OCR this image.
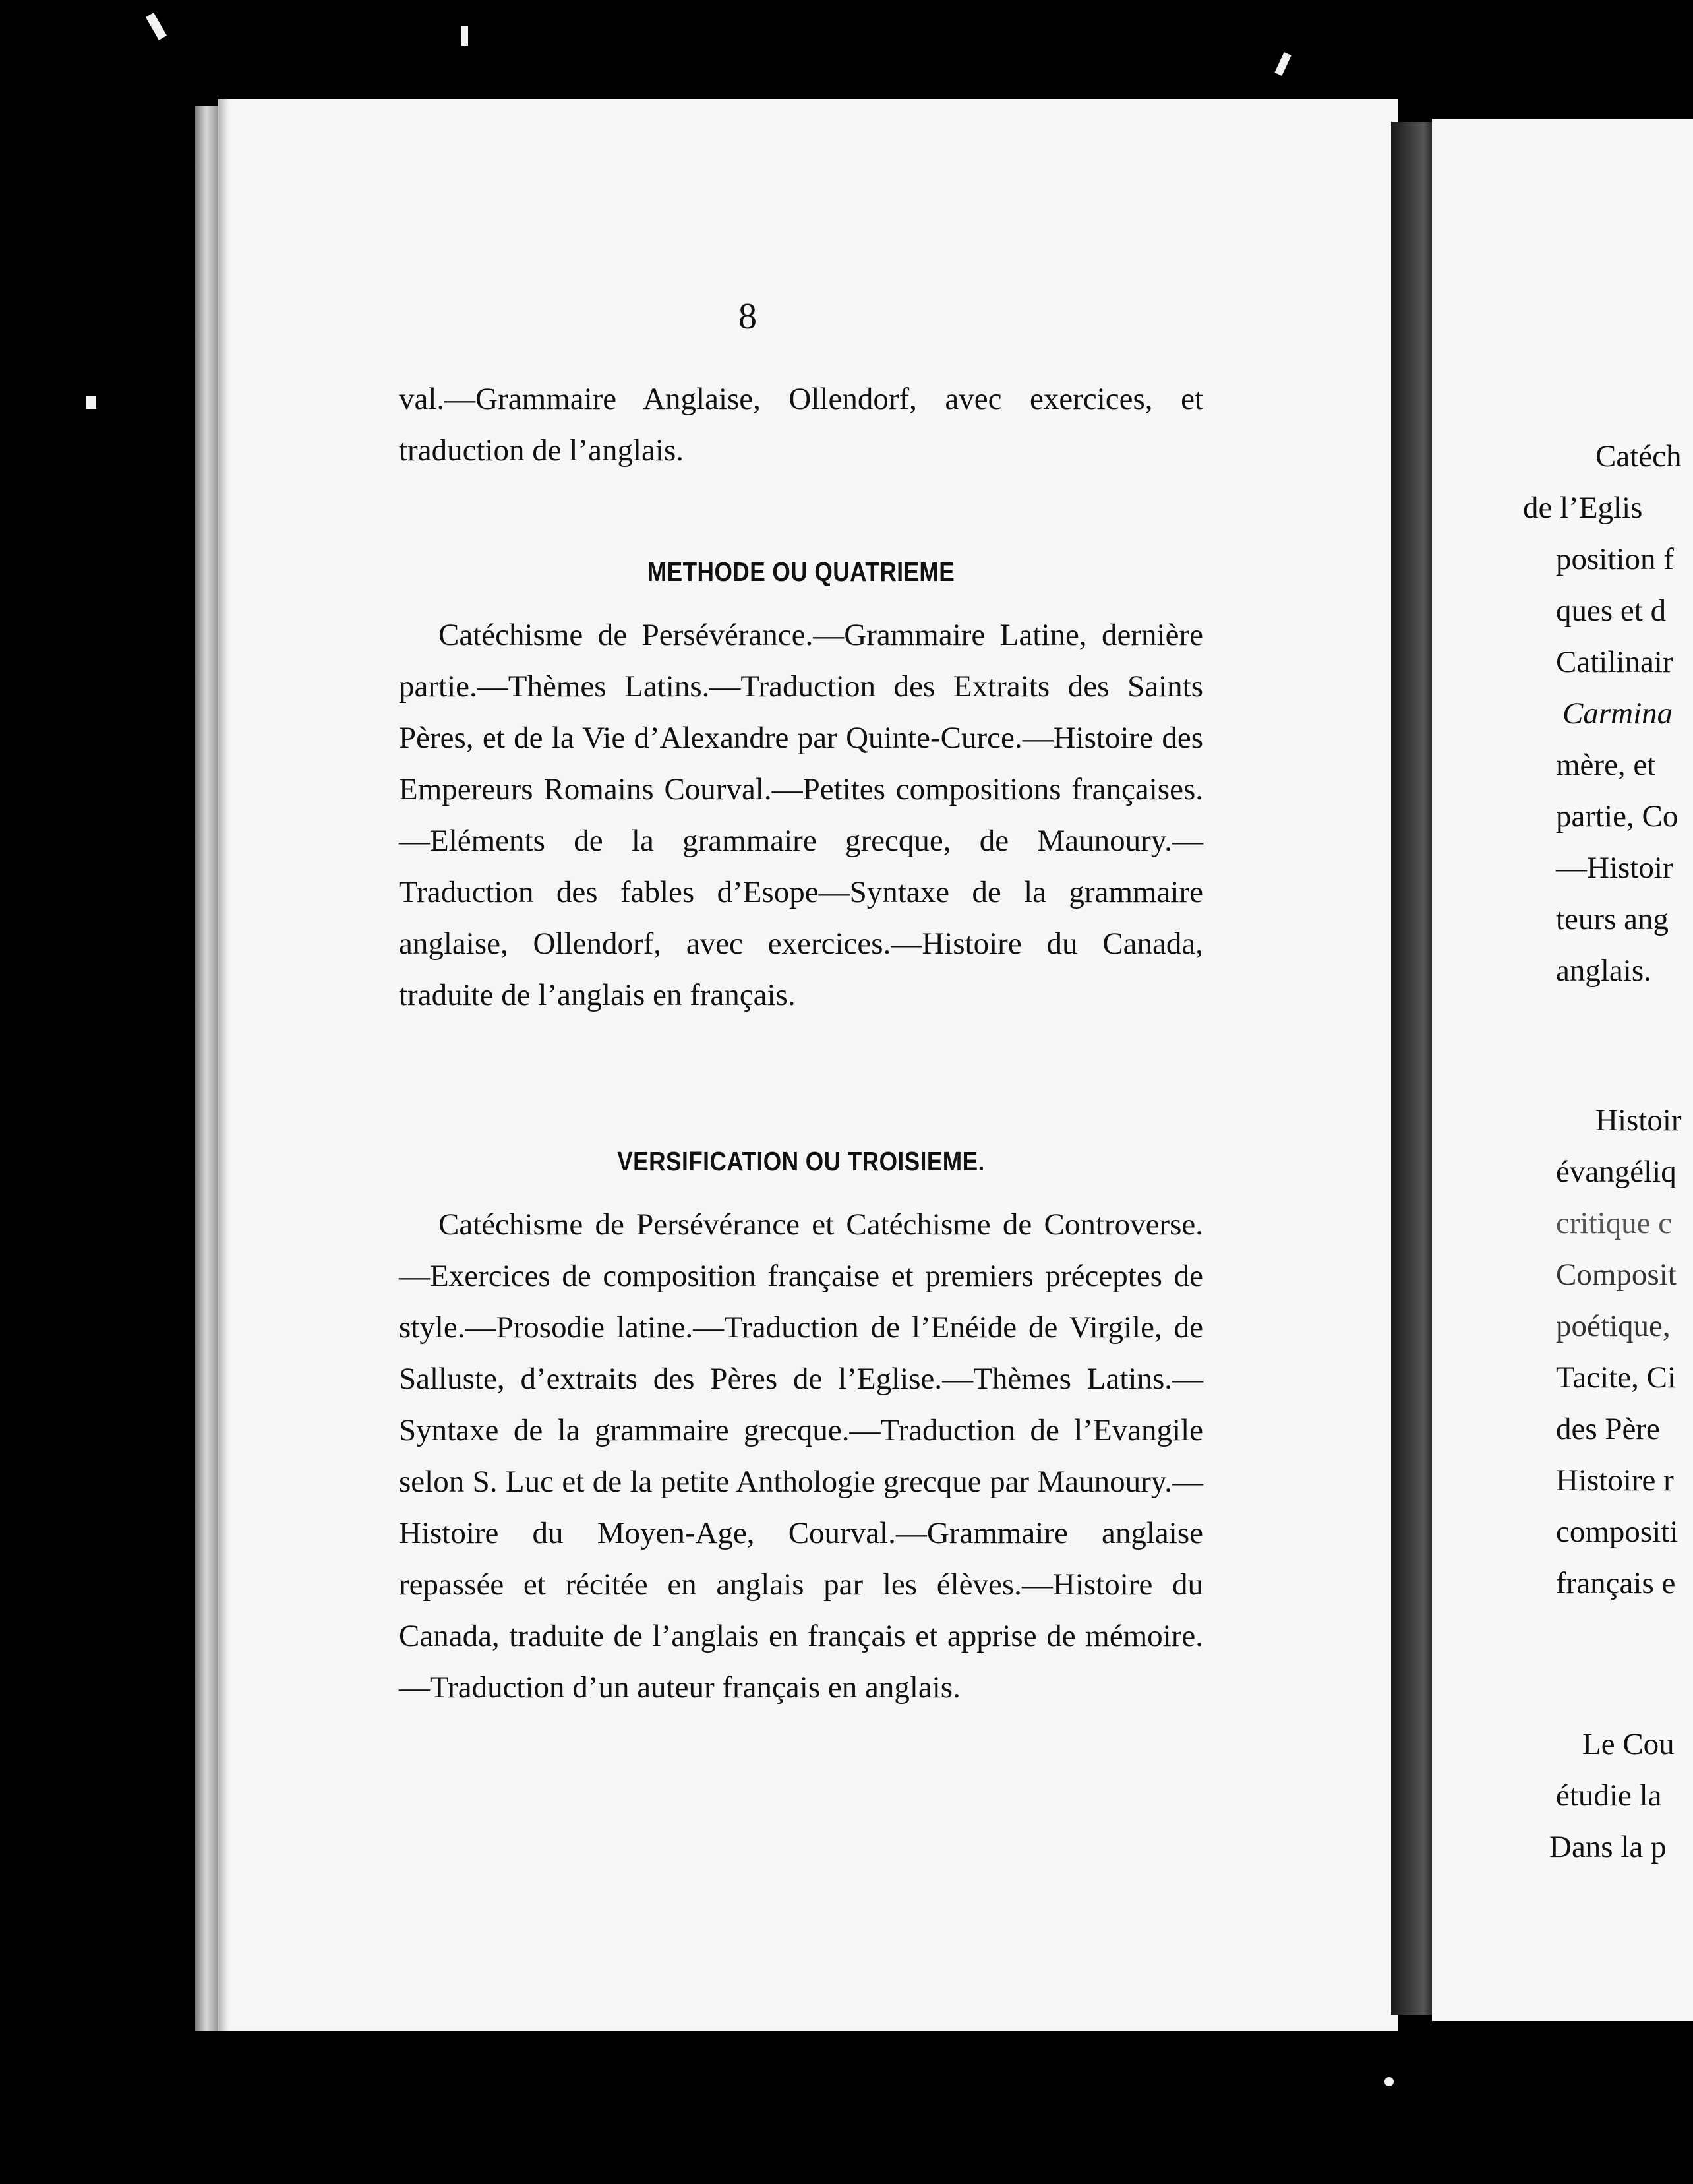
8

val.—Grammaire Anglaise, Ollendorf, avec exercices, et traduction de l’anglais.

METHODE OU QUATRIEME

Catéchisme de Persévérance.—Grammaire Latine, dernière partie.—Thèmes Latins.—Traduction des Extraits des Saints Pères, et de la Vie d’Alexandre par Quinte-Curce.—Histoire des Empereurs Romains Courval.—Petites compositions françaises.—Eléments de la grammaire grecque, de Maunoury.—Traduction des fables d’Esope—Syntaxe de la grammaire anglaise, Ollendorf, avec exercices.—Histoire du Canada, traduite de l’anglais en français.

VERSIFICATION OU TROISIEME.

Catéchisme de Persévérance et Catéchisme de Controverse.—Exercices de composition française et premiers préceptes de style.—Prosodie latine.—Traduction de l’Enéide de Virgile, de Salluste, d’extraits des Pères de l’Eglise.—Thèmes Latins.—Syntaxe de la grammaire grecque.—Traduction de l’Evangile selon S. Luc et de la petite Anthologie grecque par Maunoury.—Histoire du Moyen-Age, Courval.—Grammaire anglaise repassée et récitée en anglais par les élèves.—Histoire du Canada, traduite de l’anglais en français et apprise de mémoire.—Traduction d’un auteur français en anglais.

Catéch
de l’Eglis
position f
ques et d
Catilinair
Carmina
mère, et
partie, Co
—Histoir
teurs ang
anglais.
Histoir
évangéliq
critique c
Composit
poétique,
Tacite, Ci
des Père
Histoire r
compositi
français e
Le Cou
étudie la
Dans la p
